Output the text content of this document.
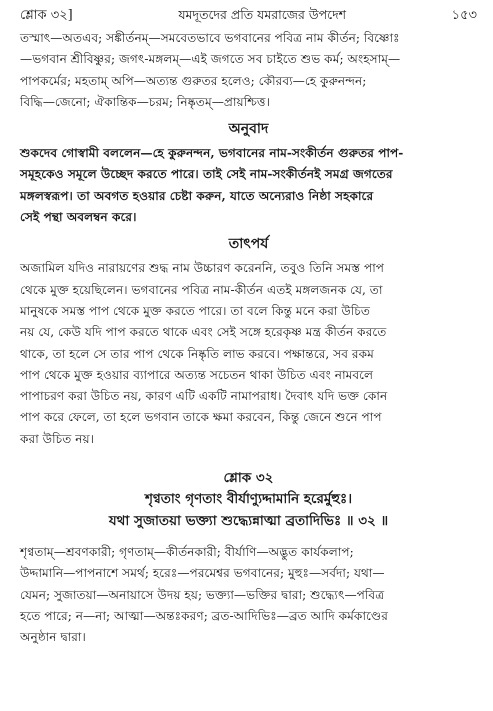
শ্লোক ৩২]	যমদূতদের প্রতি যমরাজের উপদেশ	১৫৩

তস্মাৎ—অতএব; সঙ্কীর্তনম্—সমবেতভাবে ভগবানের পবিত্র নাম কীর্তন; বিষ্ণোঃ

—ভগবান শ্রীবিষ্ণুর; জগৎ-মঙ্গলম্—এই জগতে সব চাইতে শুভ কর্ম; অংহসাম্—

পাপকর্মের; মহতাম্ অপি—অত্যন্ত গুরুতর হলেও; কৌরব্য—হে কুরুনন্দন;

বিদ্ধি—জেনো; ঐকান্তিক—চরম; নিষ্কৃতম্—প্রায়শ্চিত্ত।

অনুবাদ

শুকদেব গোস্বামী বললেন—হে কুরুনন্দন, ভগবানের নাম-সংকীর্তন গুরুতর পাপ-

সমূহকেও সমূলে উচ্ছেদ করতে পারে। তাই সেই নাম-সংকীর্তনই সমগ্র জগতের

মঙ্গলস্বরূপ। তা অবগত হওয়ার চেষ্টা করুন, যাতে অন্যেরাও নিষ্ঠা সহকারে

সেই পন্থা অবলম্বন করে।

তাৎপর্য

অজামিল যদিও নারায়ণের শুদ্ধ নাম উচ্চারণ করেননি, তবুও তিনি সমস্ত পাপ

থেকে মুক্ত হয়েছিলেন। ভগবানের পবিত্র নাম-কীর্তন এতই মঙ্গলজনক যে, তা

মানুষকে সমস্ত পাপ থেকে মুক্ত করতে পারে। তা বলে কিন্তু মনে করা উচিত

নয় যে, কেউ যদি পাপ করতে থাকে এবং সেই সঙ্গে হরেকৃষ্ণ মন্ত্র কীর্তন করতে

থাকে, তা হলে সে তার পাপ থেকে নিষ্কৃতি লাভ করবে। পক্ষান্তরে, সব রকম

পাপ থেকে মুক্ত হওয়ার ব্যাপারে অত্যন্ত সচেতন থাকা উচিত এবং নামবলে

পাপাচরণ করা উচিত নয়, কারণ এটি একটি নামাপরাধ। দৈবাৎ যদি ভক্ত কোন

পাপ করে ফেলে, তা হলে ভগবান তাকে ক্ষমা করবেন, কিন্তু জেনে শুনে পাপ

করা উচিত নয়।

শ্লোক ৩২
শৃণ্বতাং গৃণতাং বীর্যাণ্যুদ্দামানি হরের্মুহুঃ।
যথা সুজাতয়া ভক্ত্যা শুদ্ধ্যেন্নাত্মা ব্রতাদিভিঃ ॥ ৩২ ॥

শৃণ্বতাম্—শ্রবণকারী; গৃণতাম্—কীর্তনকারী; বীর্যাণি—অদ্ভুত কার্যকলাপ;

উদ্দামানি—পাপনাশে সমর্থ; হরেঃ—পরমেশ্বর ভগবানের; মুহুঃ—সর্বদা; যথা—

যেমন; সুজাতয়া—অনায়াসে উদয় হয়; ভক্ত্যা—ভক্তির দ্বারা; শুদ্ধ্যেৎ—পবিত্র

হতে পারে; ন—না; আত্মা—অন্তঃকরণ; ব্রত-আদিভিঃ—ব্রত আদি কর্মকাণ্ডের

অনুষ্ঠান দ্বারা।
